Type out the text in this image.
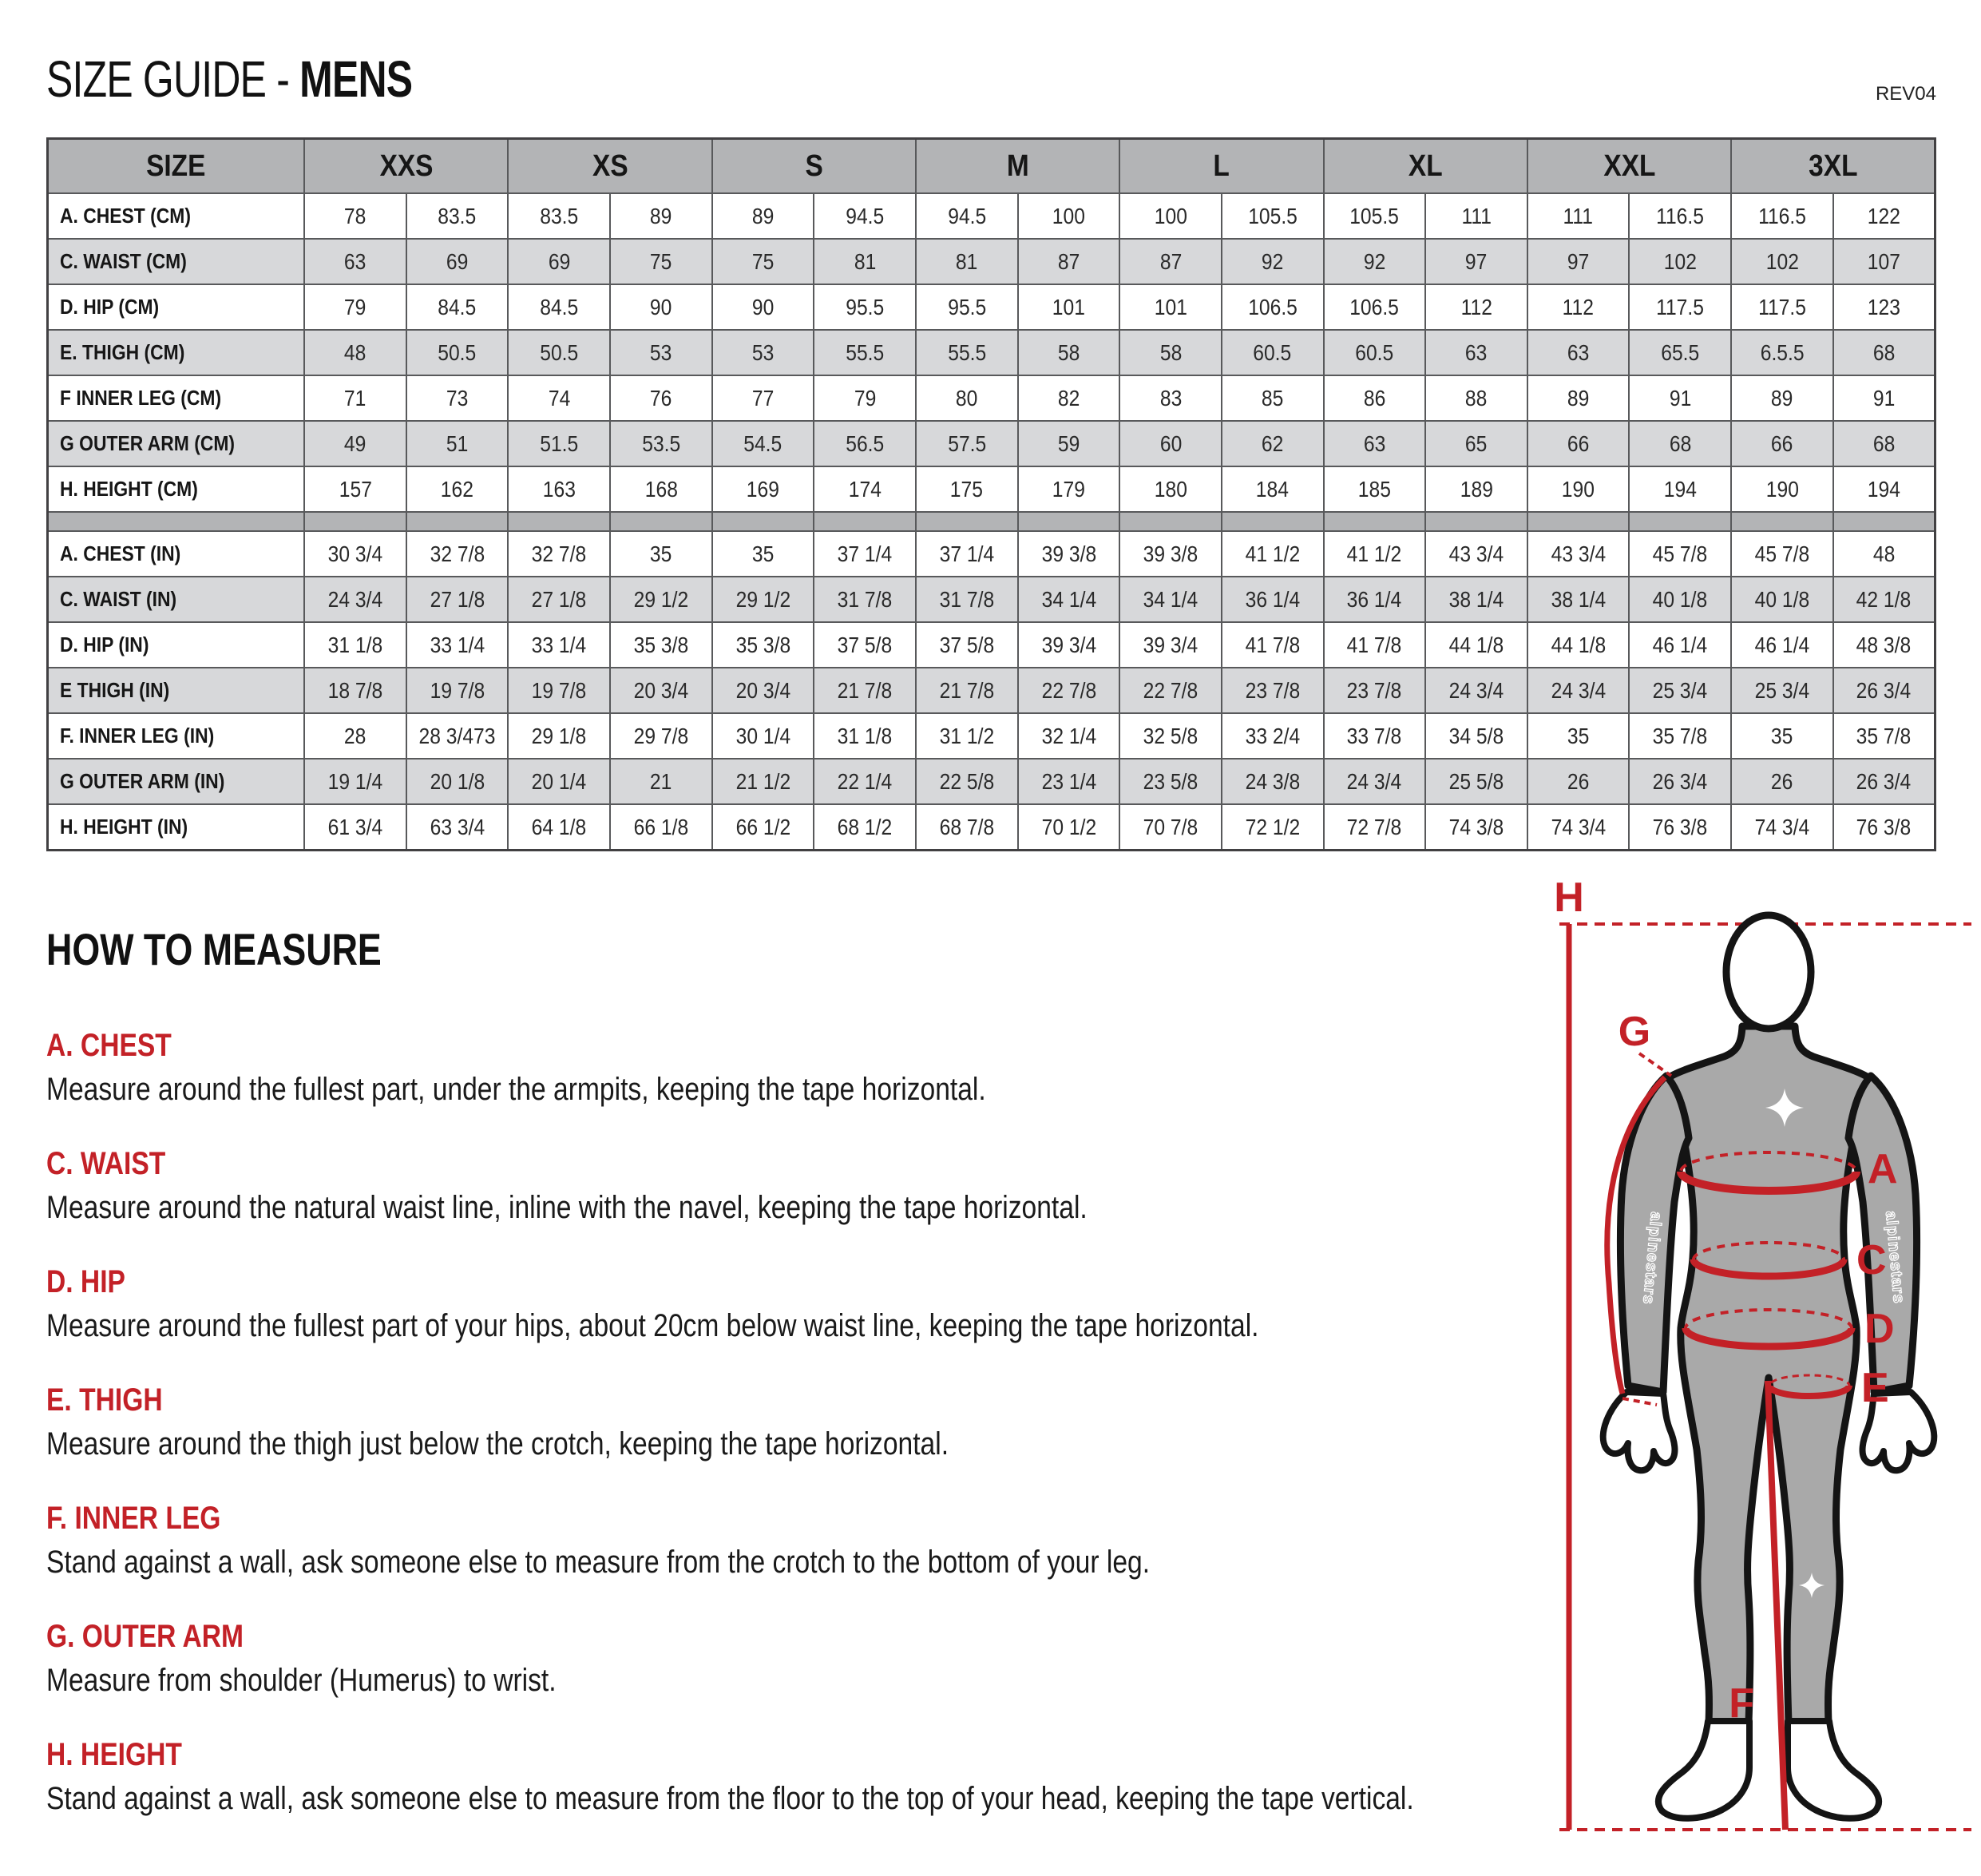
SIZE GUIDE - MENS	REV04
SIZE	XXS		XS		S		M		L		XL		XXL		3XL	
A. CHEST (CM)	78	83.5	83.5	89	89	94.5	94.5	100	100	105.5	105.5	111	111	116.5	116.5	122
C. WAIST (CM)	63	69	69	75	75	81	81	87	87	92	92	97	97	102	102	107
D. HIP (CM)	79	84.5	84.5	90	90	95.5	95.5	101	101	106.5	106.5	112	112	117.5	117.5	123
E. THIGH (CM)	48	50.5	50.5	53	53	55.5	55.5	58	58	60.5	60.5	63	63	65.5	6.5.5	68
F INNER LEG (CM)	71	73	74	76	77	79	80	82	83	85	86	88	89	91	89	91
G OUTER ARM (CM)	49	51	51.5	53.5	54.5	56.5	57.5	59	60	62	63	65	66	68	66	68
H. HEIGHT (CM)	157	162	163	168	169	174	175	179	180	184	185	189	190	194	190	194

A. CHEST (IN)	30 3/4	32 7/8	32 7/8	35	35	37 1/4	37 1/4	39 3/8	39 3/8	41 1/2	41 1/2	43 3/4	43 3/4	45 7/8	45 7/8	48
C. WAIST (IN)	24 3/4	27 1/8	27 1/8	29 1/2	29 1/2	31 7/8	31 7/8	34 1/4	34 1/4	36 1/4	36 1/4	38 1/4	38 1/4	40 1/8	40 1/8	42 1/8
D. HIP (IN)	31 1/8	33 1/4	33 1/4	35 3/8	35 3/8	37 5/8	37 5/8	39 3/4	39 3/4	41 7/8	41 7/8	44 1/8	44 1/8	46 1/4	46 1/4	48 3/8
E THIGH (IN)	18 7/8	19 7/8	19 7/8	20 3/4	20 3/4	21 7/8	21 7/8	22 7/8	22 7/8	23 7/8	23 7/8	24 3/4	24 3/4	25 3/4	25 3/4	26 3/4
F. INNER LEG (IN)	28	28 3/473	29 1/8	29 7/8	30 1/4	31 1/8	31 1/2	32 1/4	32 5/8	33 2/4	33 7/8	34 5/8	35	35 7/8	35	35 7/8
G OUTER ARM (IN)	19 1/4	20 1/8	20 1/4	21	21 1/2	22 1/4	22 5/8	23 1/4	23 5/8	24 3/8	24 3/4	25 5/8	26	26 3/4	26	26 3/4
H. HEIGHT (IN)	61 3/4	63 3/4	64 1/8	66 1/8	66 1/2	68 1/2	68 7/8	70 1/2	70 7/8	72 1/2	72 7/8	74 3/8	74 3/4	76 3/8	74 3/4	76 3/8
HOW TO MEASURE
A. CHEST

Measure around the fullest part, under the armpits, keeping the tape horizontal.

C. WAIST

Measure around the natural waist line, inline with the navel, keeping the tape horizontal.

D. HIP

Measure around the fullest part of your hips, about 20cm below waist line, keeping the tape horizontal.

E. THIGH

Measure around the thigh just below the crotch, keeping the tape horizontal.

F. INNER LEG

Stand against a wall, ask someone else to measure from the crotch to the bottom of your leg.

G. OUTER ARM

Measure from shoulder (Humerus) to wrist.

H. HEIGHT

Stand against a wall, ask someone else to measure from the floor to the top of your head, keeping the tape vertical.

alpinestars	alpinestars
H
G
A
C
D
E
F
